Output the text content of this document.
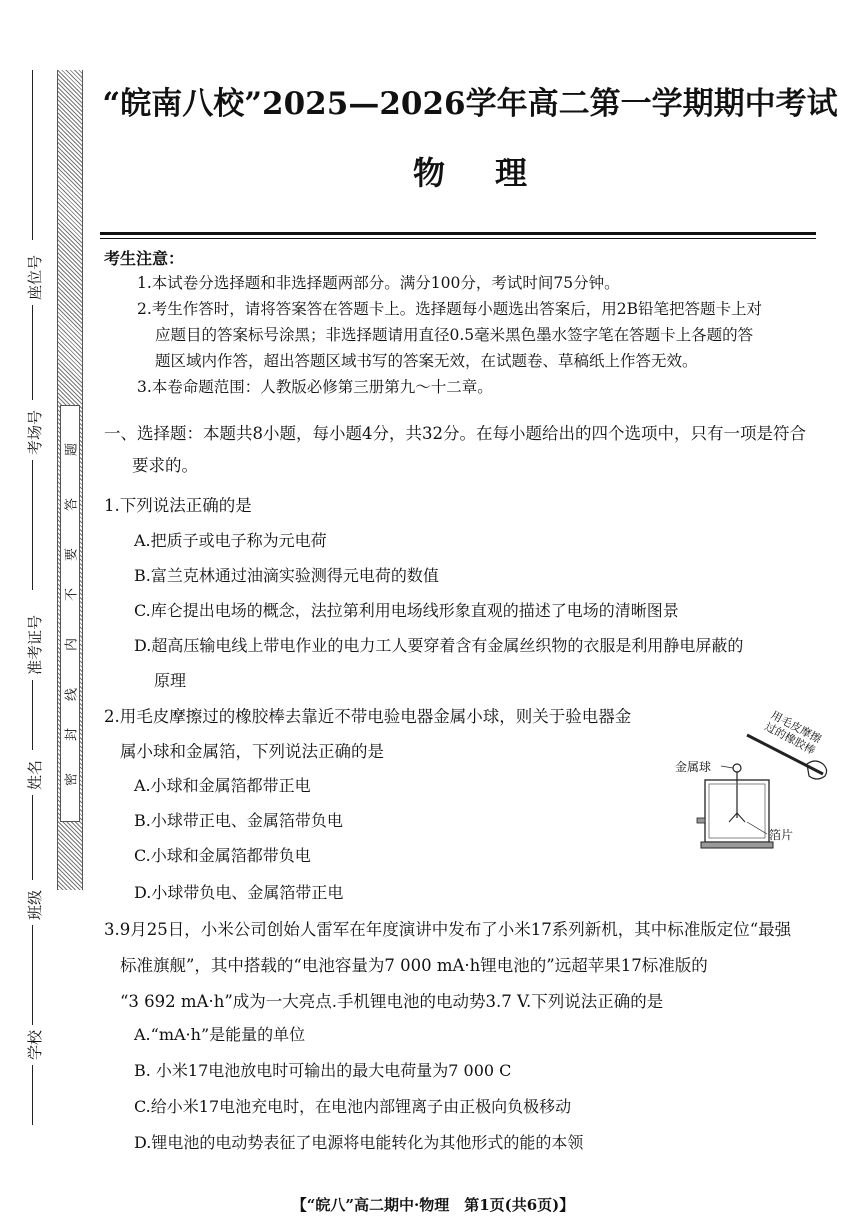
座位号
考场号
准考证号
姓名
班级
学校
题
答
要
不
内
线
封
密
“皖南八校”2025—2026学年高二第一学期期中考试
物理
考生注意：
1.本试卷分选择题和非选择题两部分。满分100分，考试时间75分钟。
2.考生作答时，请将答案答在答题卡上。选择题每小题选出答案后，用2B铅笔把答题卡上对
应题目的答案标号涂黑；非选择题请用直径0.5毫米黑色墨水签字笔在答题卡上各题的答
题区域内作答，超出答题区域书写的答案无效，在试题卷、草稿纸上作答无效。
3.本卷命题范围：人教版必修第三册第九～十二章。
一、选择题：本题共8小题，每小题4分，共32分。在每小题给出的四个选项中，只有一项是符合
要求的。
1.下列说法正确的是
A.把质子或电子称为元电荷
B.富兰克林通过油滴实验测得元电荷的数值
C.库仑提出电场的概念，法拉第利用电场线形象直观的描述了电场的清晰图景
D.超高压输电线上带电作业的电力工人要穿着含有金属丝织物的衣服是利用静电屏蔽的
原理
2.用毛皮摩擦过的橡胶棒去靠近不带电验电器金属小球，则关于验电器金
属小球和金属箔，下列说法正确的是
A.小球和金属箔都带正电
B.小球带正电、金属箔带负电
C.小球和金属箔都带负电
D.小球带负电、金属箔带正电
用毛皮摩擦过的橡胶棒
金属球
箔片
3.9月25日，小米公司创始人雷军在年度演讲中发布了小米17系列新机，其中标准版定位“最强
标准旗舰”，其中搭载的“电池容量为7 000 mA·h锂电池的”远超苹果17标准版的
“3 692 mA·h”成为一大亮点.手机锂电池的电动势3.7 V.下列说法正确的是
A.“mA·h”是能量的单位
B. 小米17电池放电时可输出的最大电荷量为7 000 C
C.给小米17电池充电时，在电池内部锂离子由正极向负极移动
D.锂电池的电动势表征了电源将电能转化为其他形式的能的本领
【“皖八”高二期中·物理　第1页(共6页)】
